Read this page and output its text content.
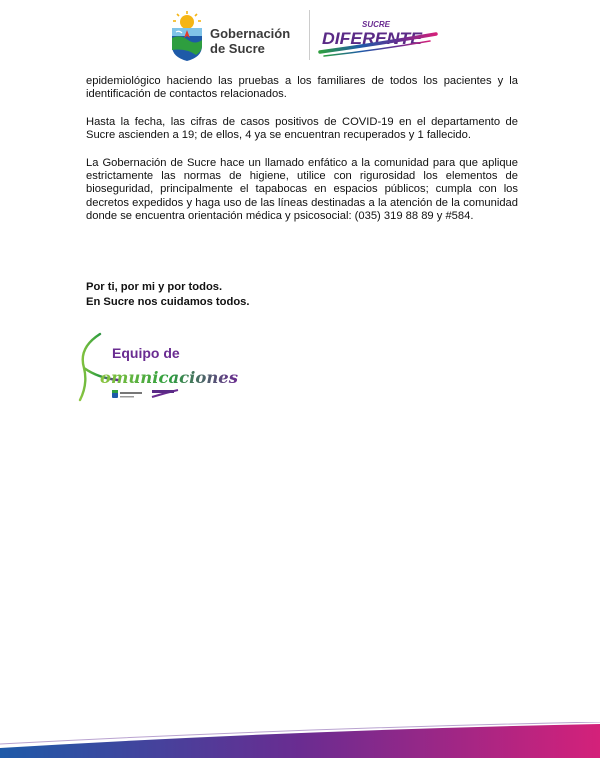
Gobernación
de Sucre
SUCRE
DIFERENTE

epidemiológico haciendo las pruebas a los familiares de todos los pacientes y la identificación de contactos relacionados.

Hasta la fecha, las cifras de casos positivos de COVID-19 en el departamento de Sucre ascienden a 19; de ellos, 4 ya se encuentran recuperados y 1 fallecido.

La Gobernación de Sucre hace un llamado enfático a la comunidad para que aplique estrictamente las normas de higiene, utilice con rigurosidad los elementos de bioseguridad, principalmente el tapabocas en espacios públicos; cumpla con los decretos expedidos y haga uso de las líneas destinadas a la atención de la comunidad donde se encuentra orientación médica y psicosocial: (035) 319 88 89 y #584.

Por ti, por mi y por todos.
En Sucre nos cuidamos todos.
Equipo de
omunicaciones
